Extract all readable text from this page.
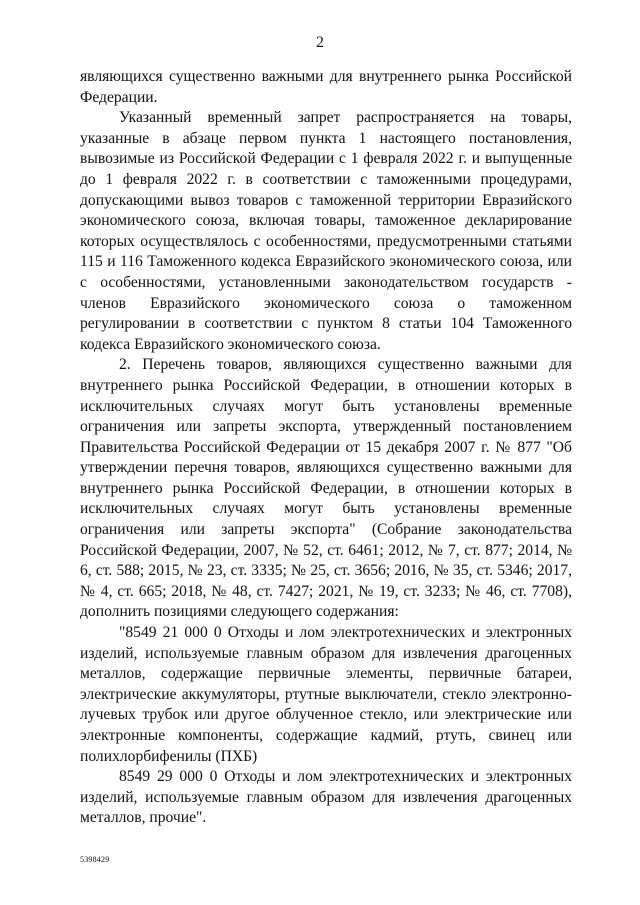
2

являющихся существенно важными для внутреннего рынка Российской Федерации.

Указанный временный запрет распространяется на товары, указанные в абзаце первом пункта 1 настоящего постановления, вывозимые из Российской Федерации с 1 февраля 2022 г. и выпущенные до 1 февраля 2022 г. в соответствии с таможенными процедурами, допускающими вывоз товаров с таможенной территории Евразийского экономического союза, включая товары, таможенное декларирование которых осуществлялось с особенностями, предусмотренными статьями 115 и 116 Таможенного кодекса Евразийского экономического союза, или с особенностями, установленными законодательством государств - членов Евразийского экономического союза о таможенном регулировании в соответствии с пунктом 8 статьи 104 Таможенного кодекса Евразийского экономического союза.

2. Перечень товаров, являющихся существенно важными для внутреннего рынка Российской Федерации, в отношении которых в исключительных случаях могут быть установлены временные ограничения или запреты экспорта, утвержденный постановлением Правительства Российской Федерации от 15 декабря 2007 г. № 877 "Об утверждении перечня товаров, являющихся существенно важными для внутреннего рынка Российской Федерации, в отношении которых в исключительных случаях могут быть установлены временные ограничения или запреты экспорта" (Собрание законодательства Российской Федерации, 2007, № 52, ст. 6461; 2012, № 7, ст. 877; 2014, № 6, ст. 588; 2015, № 23, ст. 3335; № 25, ст. 3656; 2016, № 35, ст. 5346; 2017, № 4, ст. 665; 2018, № 48, ст. 7427; 2021, № 19, ст. 3233; № 46, ст. 7708), дополнить позициями следующего содержания:

"8549 21 000 0 Отходы и лом электротехнических и электронных изделий, используемые главным образом для извлечения драгоценных металлов, содержащие первичные элементы, первичные батареи, электрические аккумуляторы, ртутные выключатели, стекло электронно-лучевых трубок или другое облученное стекло, или электрические или электронные компоненты, содержащие кадмий, ртуть, свинец или полихлорбифенилы (ПХБ)

8549 29 000 0 Отходы и лом электротехнических и электронных изделий, используемые главным образом для извлечения драгоценных металлов, прочие".

5398429
